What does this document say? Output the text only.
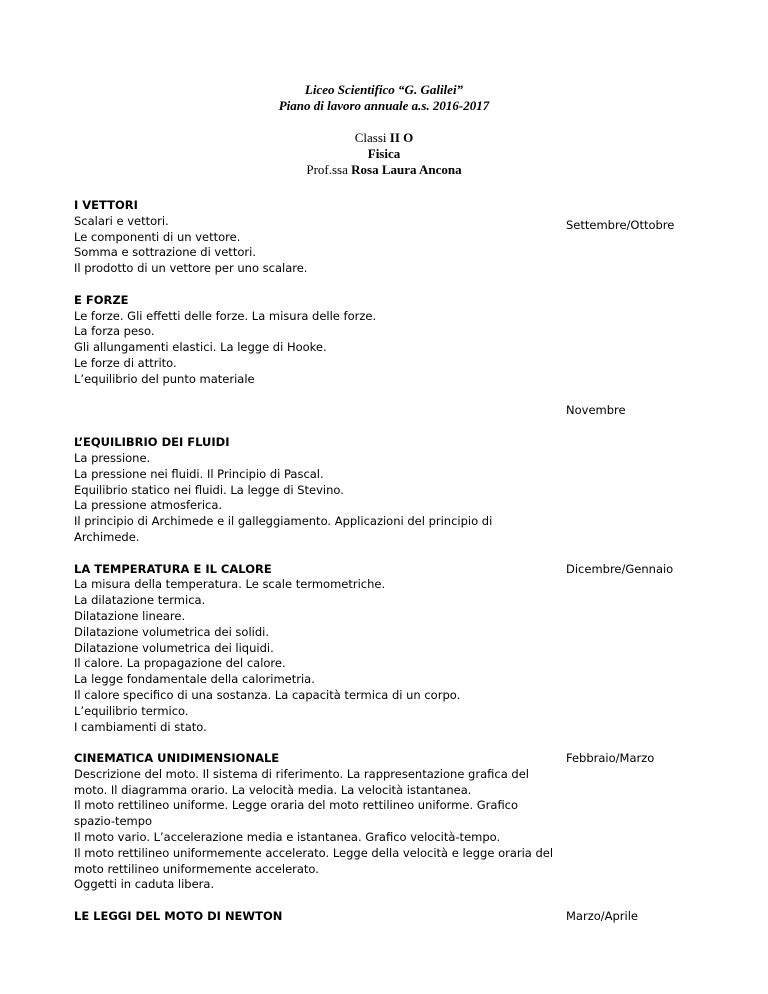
Liceo Scientifico “G. Galilei”
Piano di lavoro annuale a.s. 2016-2017
Classi II O
Fisica
Prof.ssa Rosa Laura Ancona
I VETTORI
Scalari e vettori.
Le componenti di un vettore.
Somma e sottrazione di vettori.
Il prodotto di un vettore per uno scalare.
Settembre/Ottobre
E FORZE
Le forze. Gli effetti delle forze. La misura delle forze.
La forza peso.
Gli allungamenti elastici. La legge di Hooke.
Le forze di attrito.
L’equilibrio del punto materiale
Novembre
L’EQUILIBRIO DEI FLUIDI
La pressione.
La pressione nei fluidi. Il Principio di Pascal.
Equilibrio statico nei fluidi. La legge di Stevino.
La pressione atmosferica.
Il principio di Archimede e il galleggiamento. Applicazioni del principio di
Archimede.
LA TEMPERATURA E IL CALORE
La misura della temperatura. Le scale termometriche.
La dilatazione termica.
Dilatazione lineare.
Dilatazione volumetrica dei solidi.
Dilatazione volumetrica dei liquidi.
Il calore. La propagazione del calore.
La legge fondamentale della calorimetria.
Il calore specifico di una sostanza. La capacità termica di un corpo.
L’equilibrio termico.
I cambiamenti di stato.
Dicembre/Gennaio
CINEMATICA UNIDIMENSIONALE
Descrizione del moto. Il sistema di riferimento. La rappresentazione grafica del
moto. Il diagramma orario. La velocità media. La velocità istantanea.
Il moto rettilineo uniforme. Legge oraria del moto rettilineo uniforme. Grafico
spazio-tempo
Il moto vario. L’accelerazione media e istantanea. Grafico velocità-tempo.
Il moto rettilineo uniformemente accelerato. Legge della velocità e legge oraria del
moto rettilineo uniformemente accelerato.
Oggetti in caduta libera.
Febbraio/Marzo
LE LEGGI DEL MOTO DI NEWTON	Marzo/Aprile
